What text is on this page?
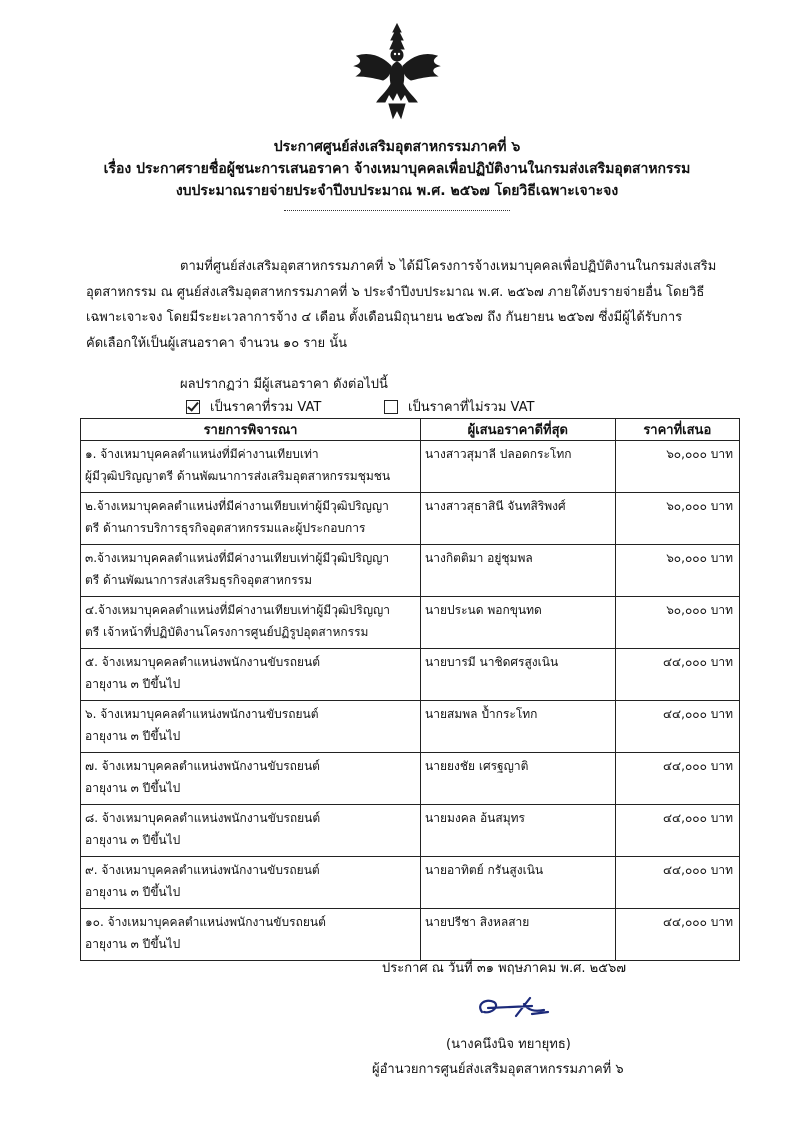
ประกาศศูนย์ส่งเสริมอุตสาหกรรมภาคที่ ๖
เรื่อง ประกาศรายชื่อผู้ชนะการเสนอราคา จ้างเหมาบุคคลเพื่อปฏิบัติงานในกรมส่งเสริมอุตสาหกรรม
งบประมาณรายจ่ายประจำปีงบประมาณ พ.ศ. ๒๕๖๗ โดยวิธีเฉพาะเจาะจง
ตามที่ศูนย์ส่งเสริมอุตสาหกรรมภาคที่ ๖ ได้มีโครงการจ้างเหมาบุคคลเพื่อปฏิบัติงานในกรมส่งเสริม
อุตสาหกรรม ณ ศูนย์ส่งเสริมอุตสาหกรรมภาคที่ ๖ ประจำปีงบประมาณ พ.ศ. ๒๕๖๗ ภายใต้งบรายจ่ายอื่น โดยวิธี
เฉพาะเจาะจง โดยมีระยะเวลาการจ้าง ๔ เดือน ตั้งเดือนมิถุนายน ๒๕๖๗ ถึง กันยายน ๒๕๖๗ ซึ่งมีผู้ได้รับการ
คัดเลือกให้เป็นผู้เสนอราคา จำนวน ๑๐ ราย นั้น
ผลปรากฏว่า มีผู้เสนอราคา ดังต่อไปนี้
เป็นราคาที่รวม VAT	เป็นราคาที่ไม่รวม VAT
รายการพิจารณา	ผู้เสนอราคาดีที่สุด	ราคาที่เสนอ

๑. จ้างเหมาบุคคลตำแหน่งที่มีค่างานเทียบเท่า
ผู้มีวุฒิปริญญาตรี ด้านพัฒนาการส่งเสริมอุตสาหกรรมชุมชน	นางสาวสุมาลี ปลอดกระโทก	๖๐,๐๐๐ บาท

๒.จ้างเหมาบุคคลตำแหน่งที่มีค่างานเทียบเท่าผู้มีวุฒิปริญญา
ตรี ด้านการบริการธุรกิจอุตสาหกรรมและผู้ประกอบการ	นางสาวสุธาสินี จันทสิริพงศ์	๖๐,๐๐๐ บาท

๓.จ้างเหมาบุคคลตำแหน่งที่มีค่างานเทียบเท่าผู้มีวุฒิปริญญา
ตรี ด้านพัฒนาการส่งเสริมธุรกิจอุตสาหกรรม	นางกิตติมา อยู่ชุมพล	๖๐,๐๐๐ บาท

๔.จ้างเหมาบุคคลตำแหน่งที่มีค่างานเทียบเท่าผู้มีวุฒิปริญญา
ตรี เจ้าหน้าที่ปฏิบัติงานโครงการศูนย์ปฏิรูปอุตสาหกรรม	นายประนด พอกขุนทด	๖๐,๐๐๐ บาท

๕. จ้างเหมาบุคคลตำแหน่งพนักงานขับรถยนต์
อายุงาน ๓ ปีขึ้นไป	นายบารมี นาชิดศรสูงเนิน	๔๔,๐๐๐ บาท

๖. จ้างเหมาบุคคลตำแหน่งพนักงานขับรถยนต์
อายุงาน ๓ ปีขึ้นไป	นายสมพล ป้ำกระโทก	๔๔,๐๐๐ บาท

๗. จ้างเหมาบุคคลตำแหน่งพนักงานขับรถยนต์
อายุงาน ๓ ปีขึ้นไป	นายยงชัย เศรฐญาติ	๔๔,๐๐๐ บาท

๘. จ้างเหมาบุคคลตำแหน่งพนักงานขับรถยนต์
อายุงาน ๓ ปีขึ้นไป	นายมงคล อ้นสมุทร	๔๔,๐๐๐ บาท

๙. จ้างเหมาบุคคลตำแหน่งพนักงานขับรถยนต์
อายุงาน ๓ ปีขึ้นไป	นายอาทิตย์ กรันสูงเนิน	๔๔,๐๐๐ บาท

๑๐. จ้างเหมาบุคคลตำแหน่งพนักงานขับรถยนต์
อายุงาน ๓ ปีขึ้นไป	นายปรีชา สิงหลสาย	๔๔,๐๐๐ บาท
ประกาศ ณ วันที่ ๓๑ พฤษภาคม พ.ศ. ๒๕๖๗
(นางคนึงนิจ ทยายุทธ)
ผู้อำนวยการศูนย์ส่งเสริมอุตสาหกรรมภาคที่ ๖
